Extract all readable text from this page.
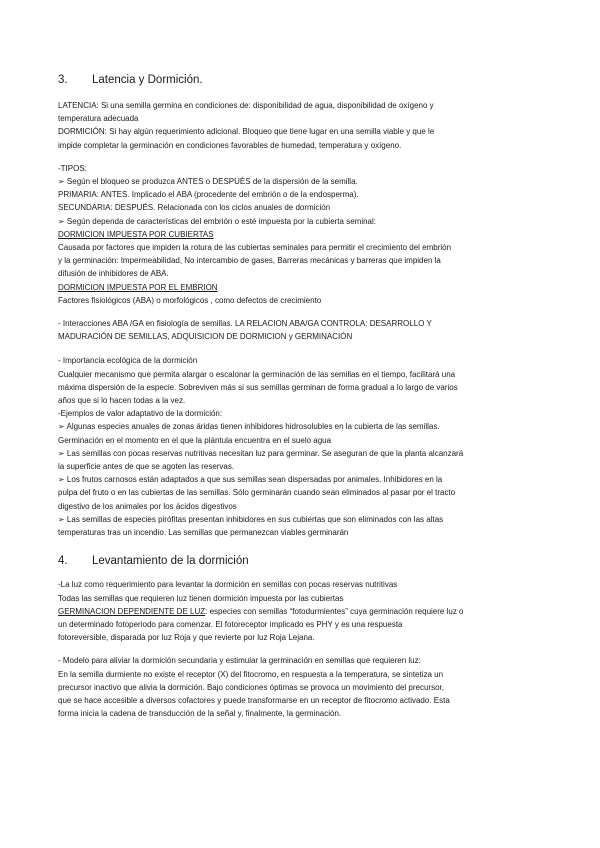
3.	Latencia y Dormición.

LATENCIA: Si una semilla germina en condiciones de: disponibilidad de agua, disponibilidad de oxígeno y
temperatura adecuada
DORMICIÓN: Si hay algún requerimiento adicional. Bloqueo que tiene lugar en una semilla viable y que le
impide completar la germinación en condiciones favorables de humedad, temperatura y oxígeno.

-TIPOS:
➢ Según el bloqueo se produzca ANTES o DESPUÉS de la dispersión de la semilla.
PRIMARIA: ANTES. Implicado el ABA (procedente del embrión o de la endosperma).
SECUNDARIA: DESPUÉS. Relacionada con los ciclos anuales de dormición
➢ Según dependa de características del embrión o esté impuesta por la cubierta seminal:
DORMICION IMPUESTA POR CUBIERTAS
Causada por factores que impiden la rotura de las cubiertas seminales para permitir el crecimiento del embrión
y la germinación: Impermeabilidad, No intercambio de gases, Barreras mecánicas y barreras que impiden la
difusión de inhibidores de ABA.
DORMICION IMPUESTA POR EL EMBRION
Factores fisiológicos (ABA) o morfológicos , como defectos de crecimiento

- Interacciones ABA /GA en fisiología de semillas. LA RELACION ABA/GA CONTROLA: DESARROLLO Y
MADURACIÓN DE SEMILLAS, ADQUISICION DE DORMICION y GERMINACIÓN

- Importancia ecológica de la dormición
Cualquier mecanismo que permita alargar o escalonar la germinación de las semillas en el tiempo, facilitará una
máxima dispersión de la especie. Sobreviven más si sus semillas germinan de forma gradual a lo largo de varios
años que si lo hacen todas a la vez.
-Ejemplos de valor adaptativo de la dormición:
➢ Algunas especies anuales de zonas áridas tienen inhibidores hidrosolubles en la cubierta de las semillas.
Germinación en el momento en el que la plántula encuentra en el suelo agua
➢ Las semillas con pocas reservas nutritivas necesitan luz para germinar. Se aseguran de que la planta alcanzará
la superficie antes de que se agoten las reservas.
➢ Los frutos carnosos están adaptados a que sus semillas sean dispersadas por animales. Inhibidores en la
pulpa del fruto o en las cubiertas de las semillas. Sólo germinarán cuando sean eliminados al pasar por el tracto
digestivo de los animales por los ácidos digestivos
➢ Las semillas de especies pirófitas presentan inhibidores en sus cubiertas que son eliminados con las altas
temperaturas tras un incendio. Las semillas que permanezcan viables germinarán

4.	Levantamiento de la dormición

-La luz como requerimiento para levantar la dormición en semillas con pocas reservas nutritivas
Todas las semillas que requieren luz tienen dormición impuesta por las cubiertas
GERMINACION DEPENDIENTE DE LUZ: especies con semillas “fotodurmientes” cuya germinación requiere luz o
un determinado fotoperiodo para comenzar. El fotoreceptor implicado es PHY y es una respuesta
fotoreversible, disparada por luz Roja y que revierte por luz Roja Lejana.

- Modelo para aliviar la dormición secundaria y estimular la germinación en semillas que requieren luz:
En la semilla durmiente no existe el receptor (X) del fitocromo, en respuesta a la temperatura, se sintetiza un
precursor inactivo que alivia la dormición. Bajo condiciones óptimas se provoca un movimiento del precursor,
que se hace accesible a diversos cofactores y puede transformarse en un receptor de fitocromo activado. Esta
forma inicia la cadena de transducción de la señal y, finalmente, la germinación.
